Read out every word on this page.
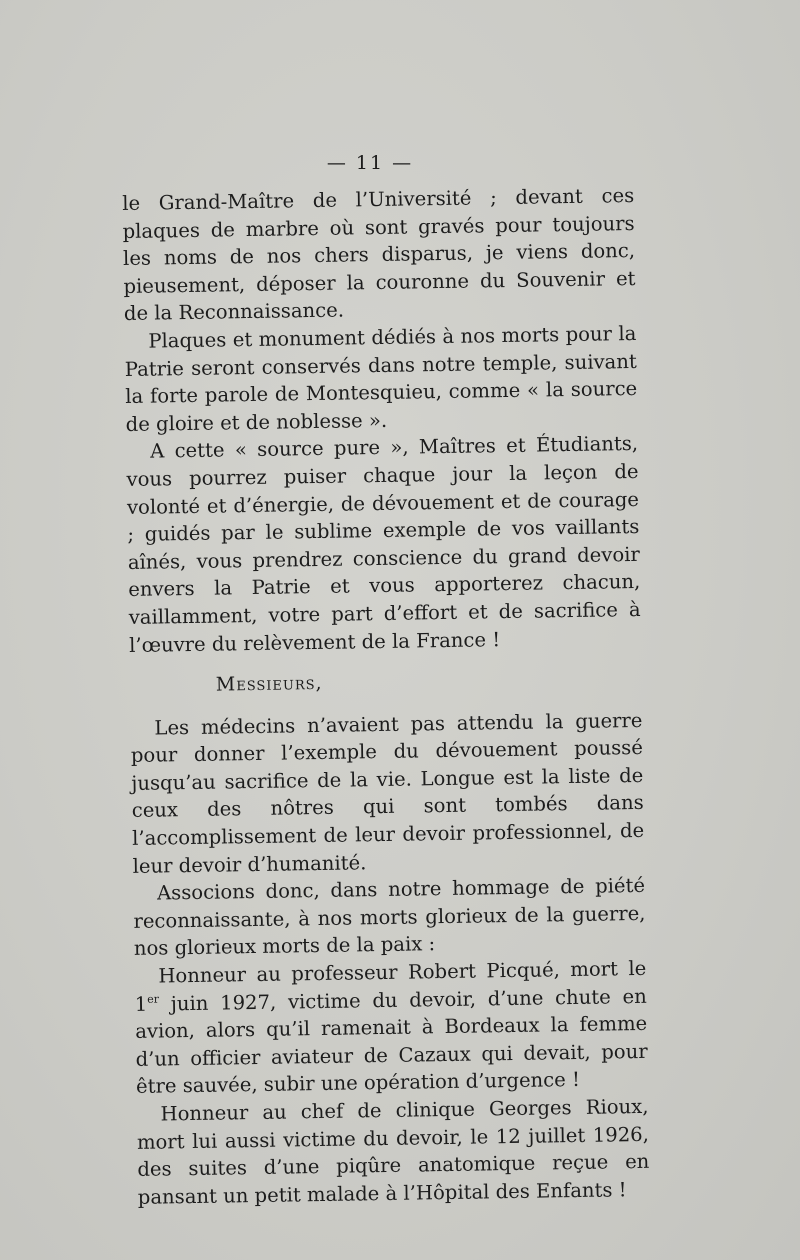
— 11 —

le Grand-Maître de l’Université ; devant ces plaques de marbre où sont gravés pour toujours les noms de nos chers disparus, je viens donc, pieusement, déposer la couronne du Souvenir et de la Reconnaissance.

Plaques et monument dédiés à nos morts pour la Patrie seront conservés dans notre temple, suivant la forte parole de Montesquieu, comme « la source de gloire et de noblesse ».

A cette « source pure », Maîtres et Étudiants, vous pourrez puiser chaque jour la leçon de volonté et d’énergie, de dévouement et de courage ; guidés par le sublime exemple de vos vaillants aînés, vous prendrez conscience du grand devoir envers la Patrie et vous apporterez chacun, vaillamment, votre part d’effort et de sacrifice à l’œuvre du relèvement de la France !

Messieurs,

Les médecins n’avaient pas attendu la guerre pour donner l’exemple du dévouement poussé jusqu’au sacrifice de la vie. Longue est la liste de ceux des nôtres qui sont tombés dans l’accomplissement de leur devoir professionnel, de leur devoir d’humanité.

Associons donc, dans notre hommage de piété reconnaissante, à nos morts glorieux de la guerre, nos glorieux morts de la paix :

Honneur au professeur Robert Picqué, mort le 1er juin 1927, victime du devoir, d’une chute en avion, alors qu’il ramenait à Bordeaux la femme d’un officier aviateur de Cazaux qui devait, pour être sauvée, subir une opération d’urgence !

Honneur au chef de clinique Georges Rioux, mort lui aussi victime du devoir, le 12 juillet 1926, des suites d’une piqûre anatomique reçue en pansant un petit malade à l’Hôpital des Enfants !
